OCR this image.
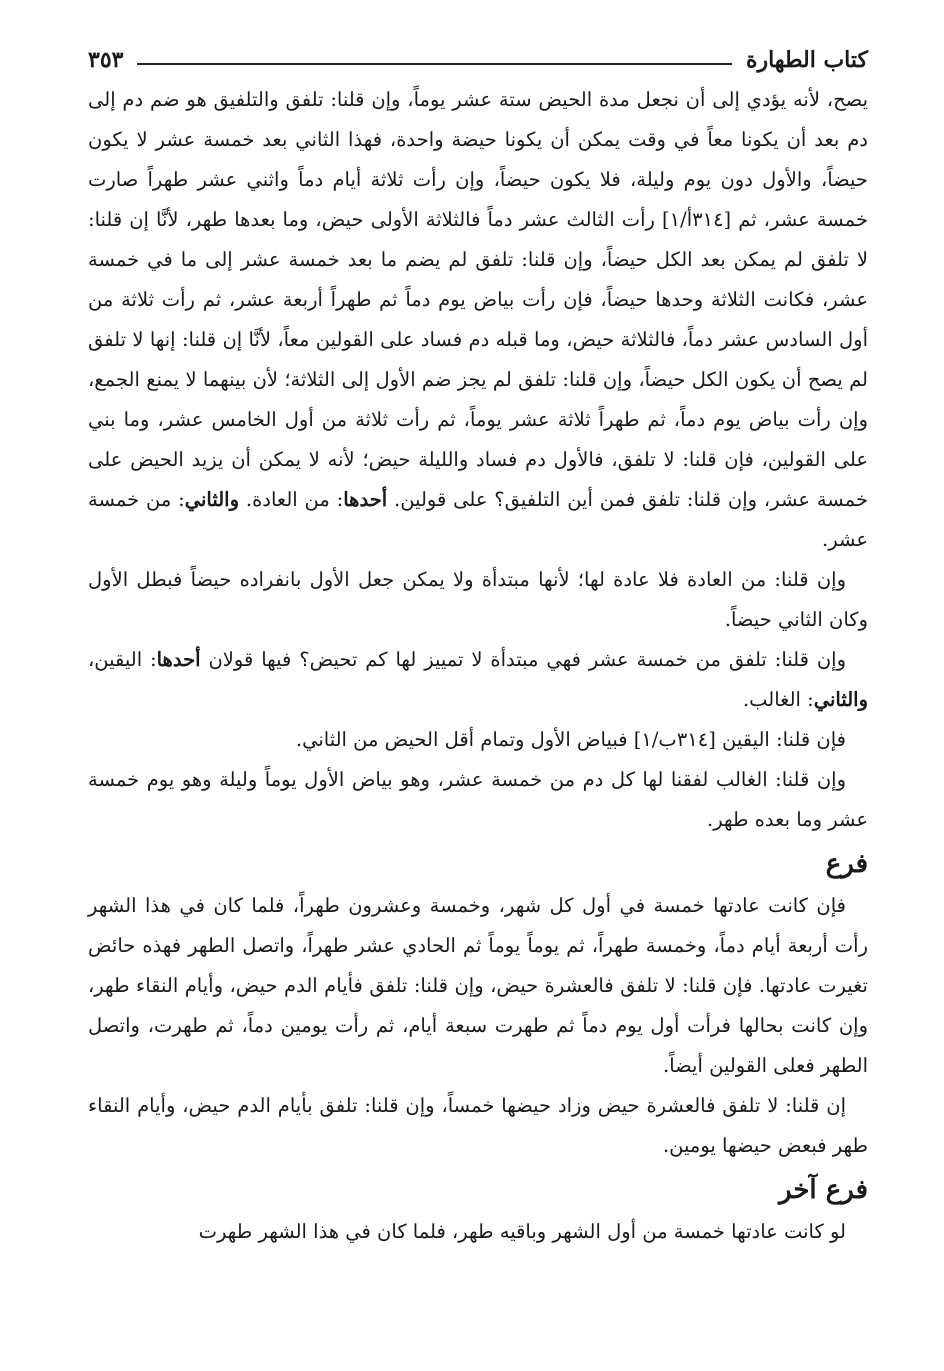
كتاب الطهارة
٣٥٣

يصح، لأنه يؤدي إلى أن نجعل مدة الحيض ستة عشر يوماً، وإن قلنا: تلفق والتلفيق هو ضم دم إلى دم بعد أن يكونا معاً في وقت يمكن أن يكونا حيضة واحدة، فهذا الثاني بعد خمسة عشر لا يكون حيضاً، والأول دون يوم وليلة، فلا يكون حيضاً، وإن رأت ثلاثة أيام دماً واثني عشر طهراً صارت خمسة عشر، ثم [٣١٤أ/١] رأت الثالث عشر دماً فالثلاثة الأولى حيض، وما بعدها طهر، لأنَّا إن قلنا: لا تلفق لم يمكن بعد الكل حيضاً، وإن قلنا: تلفق لم يضم ما بعد خمسة عشر إلى ما في خمسة عشر، فكانت الثلاثة وحدها حيضاً، فإن رأت بياض يوم دماً ثم طهراً أربعة عشر، ثم رأت ثلاثة من أول السادس عشر دماً، فالثلاثة حيض، وما قبله دم فساد على القولين معاً، لأنَّا إن قلنا: إنها لا تلفق لم يصح أن يكون الكل حيضاً، وإن قلنا: تلفق لم يجز ضم الأول إلى الثلاثة؛ لأن بينهما لا يمنع الجمع، وإن رأت بياض يوم دماً، ثم طهراً ثلاثة عشر يوماً، ثم رأت ثلاثة من أول الخامس عشر، وما بني على القولين، فإن قلنا: لا تلفق، فالأول دم فساد والليلة حيض؛ لأنه لا يمكن أن يزيد الحيض على خمسة عشر، وإن قلنا: تلفق فمن أين التلفيق؟ على قولين. أحدها: من العادة. والثاني: من خمسة عشر.

وإن قلنا: من العادة فلا عادة لها؛ لأنها مبتدأة ولا يمكن جعل الأول بانفراده حيضاً فبطل الأول وكان الثاني حيضاً.

وإن قلنا: تلفق من خمسة عشر فهي مبتدأة لا تمييز لها كم تحيض؟ فيها قولان أحدها: اليقين، والثاني: الغالب.

فإن قلنا: اليقين [٣١٤ب/١] فبياض الأول وتمام أقل الحيض من الثاني.

وإن قلنا: الغالب لفقنا لها كل دم من خمسة عشر، وهو بياض الأول يوماً وليلة وهو يوم خمسة عشر وما بعده طهر.

فرع

فإن كانت عادتها خمسة في أول كل شهر، وخمسة وعشرون طهراً، فلما كان في هذا الشهر رأت أربعة أيام دماً، وخمسة طهراً، ثم يوماً يوماً ثم الحادي عشر طهراً، واتصل الطهر فهذه حائض تغيرت عادتها. فإن قلنا: لا تلفق فالعشرة حيض، وإن قلنا: تلفق فأيام الدم حيض، وأيام النقاء طهر، وإن كانت بحالها فرأت أول يوم دماً ثم طهرت سبعة أيام، ثم رأت يومين دماً، ثم طهرت، واتصل الطهر فعلى القولين أيضاً.

إن قلنا: لا تلفق فالعشرة حيض وزاد حيضها خمساً، وإن قلنا: تلفق بأيام الدم حيض، وأيام النقاء طهر فبعض حيضها يومين.

فرع آخر

لو كانت عادتها خمسة من أول الشهر وباقيه طهر، فلما كان في هذا الشهر طهرت
